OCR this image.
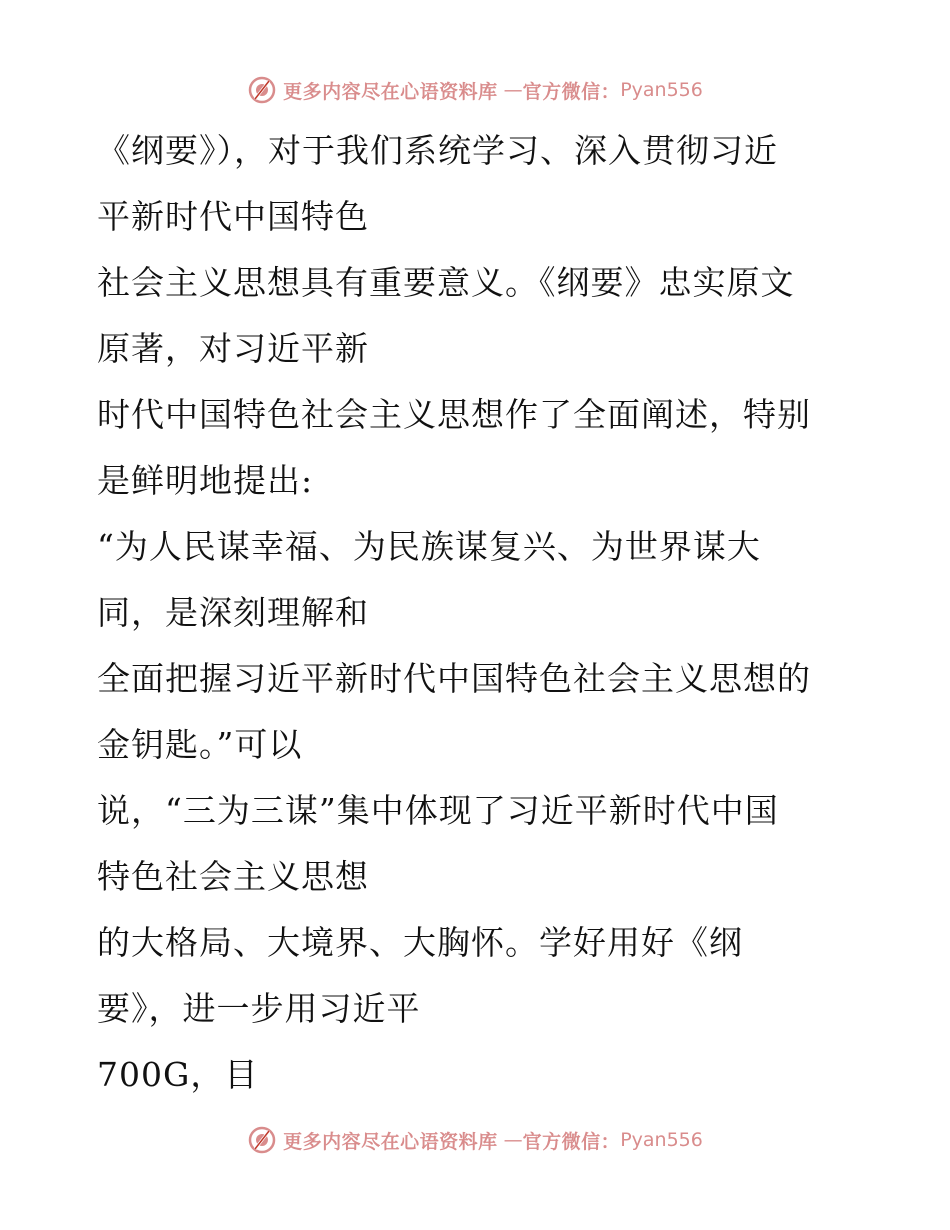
更多内容尽在心语资料库 — 官方微信： Pyan556
《纲要》），对于我们系统学习、深入贯彻习近
平新时代中国特色
社会主义思想具有重要意义。《纲要》忠实原文
原著，对习近平新
时代中国特色社会主义思想作了全面阐述，特别
是鲜明地提出:
“为人民谋幸福、为民族谋复兴、为世界谋大
同，是深刻理解和
全面把握习近平新时代中国特色社会主义思想的
金钥匙。”可以
说，“三为三谋”集中体现了习近平新时代中国
特色社会主义思想
的大格局、大境界、大胸怀。学好用好《纲
要》，进一步用习近平
700G，目
更多内容尽在心语资料库 — 官方微信： Pyan556
